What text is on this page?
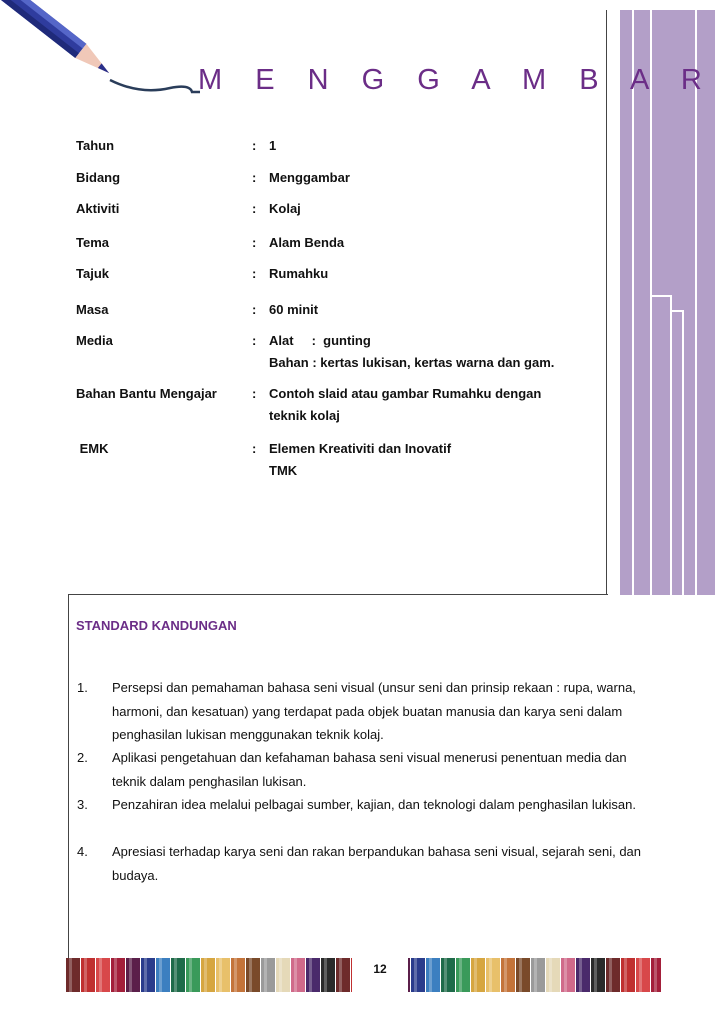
M E N G G A M B A R
Tahun	: 1
Bidang	: Menggambar
Aktiviti	: Kolaj
Tema	: Alam Benda
Tajuk	: Rumahku
Masa	: 60 minit
Media	: Alat     :  gunting
Bahan : kertas lukisan, kertas warna dan gam.
Bahan Bantu Mengajar	: Contoh slaid atau gambar Rumahku dengan
teknik kolaj
EMK	: Elemen Kreativiti dan Inovatif
TMK
STANDARD KANDUNGAN
1. Persepsi dan pemahaman bahasa seni visual (unsur seni dan prinsip rekaan : rupa, warna, harmoni, dan kesatuan) yang terdapat pada objek buatan manusia dan karya seni dalam penghasilan lukisan menggunakan teknik kolaj.
2. Aplikasi pengetahuan dan kefahaman bahasa seni visual menerusi penentuan media dan teknik dalam penghasilan lukisan.
3. Penzahiran idea melalui pelbagai sumber, kajian, dan teknologi dalam penghasilan lukisan.
4. Apresiasi terhadap karya seni dan rakan berpandukan bahasa seni visual, sejarah seni, dan budaya.
12
